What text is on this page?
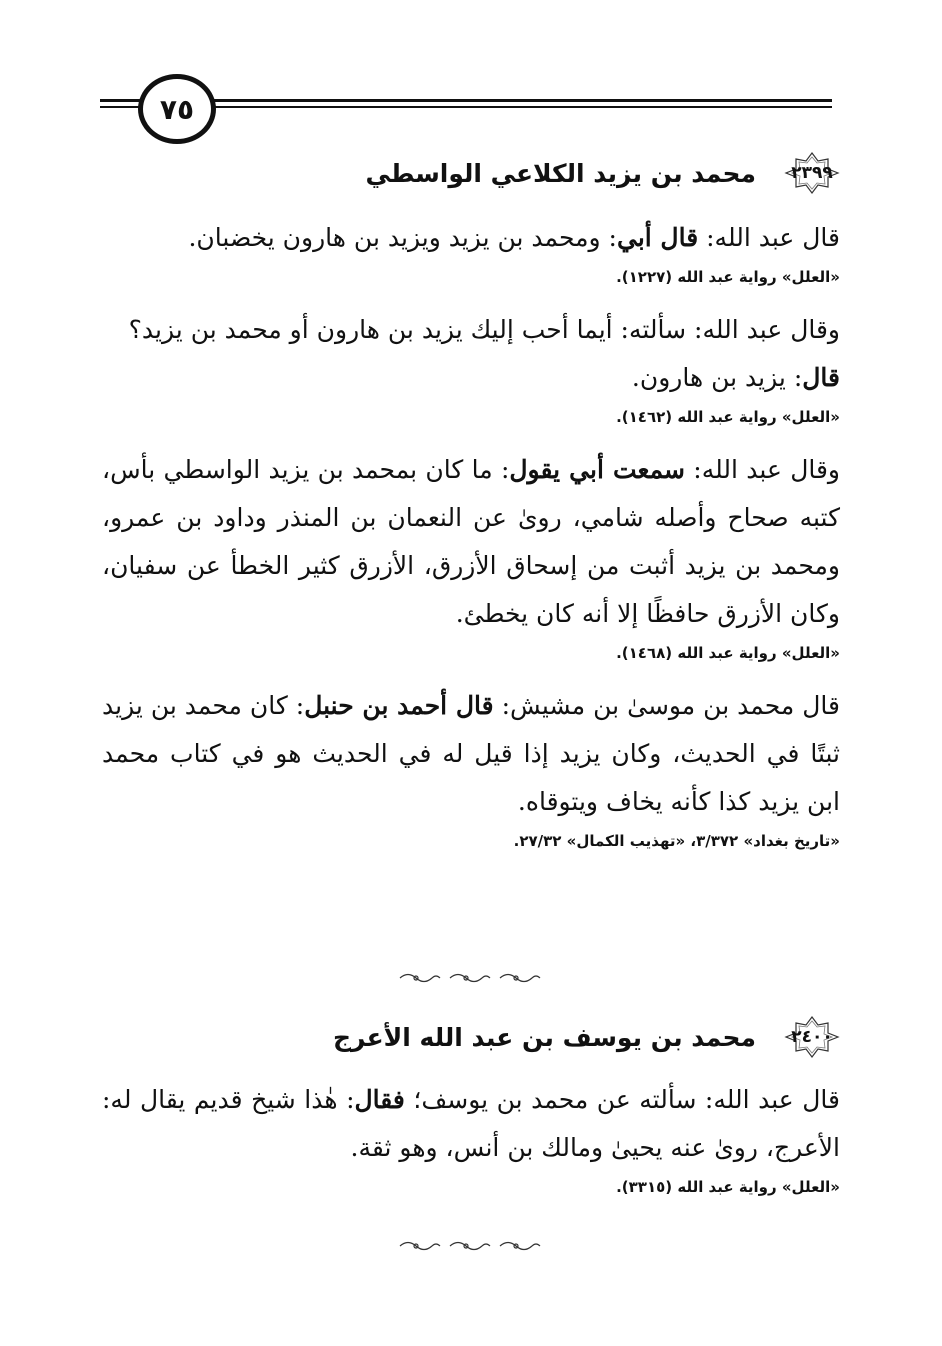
٧٥
٢٣٩٩
محمد بن يزيد الكلاعي الواسطي

قال عبد الله: قال أبي: ومحمد بن يزيد ويزيد بن هارون يخضبان.

«العلل» رواية عبد الله (١٢٢٧).

وقال عبد الله: سألته: أيما أحب إليك يزيد بن هارون أو محمد بن يزيد؟

قال: يزيد بن هارون.

«العلل» رواية عبد الله (١٤٦٢).

وقال عبد الله: سمعت أبي يقول: ما كان بمحمد بن يزيد الواسطي بأس، كتبه صحاح وأصله شامي، روىٰ عن النعمان بن المنذر وداود بن عمرو، ومحمد بن يزيد أثبت من إسحاق الأزرق، الأزرق كثير الخطأ عن سفيان، وكان الأزرق حافظًا إلا أنه كان يخطئ.

«العلل» رواية عبد الله (١٤٦٨).

قال محمد بن موسىٰ بن مشيش: قال أحمد بن حنبل: كان محمد بن يزيد ثبتًا في الحديث، وكان يزيد إذا قيل له في الحديث هو في كتاب محمد ابن يزيد كذا كأنه يخاف ويتوقاه.

«تاريخ بغداد» ٣/٣٧٢، «تهذيب الكمال» ٢٧/٣٢.

٢٤٠٠
محمد بن يوسف بن عبد الله الأعرج

قال عبد الله: سألته عن محمد بن يوسف؛ فقال: هٰذا شيخ قديم يقال له: الأعرج، روىٰ عنه يحيىٰ ومالك بن أنس، وهو ثقة.

«العلل» رواية عبد الله (٣٣١٥).
